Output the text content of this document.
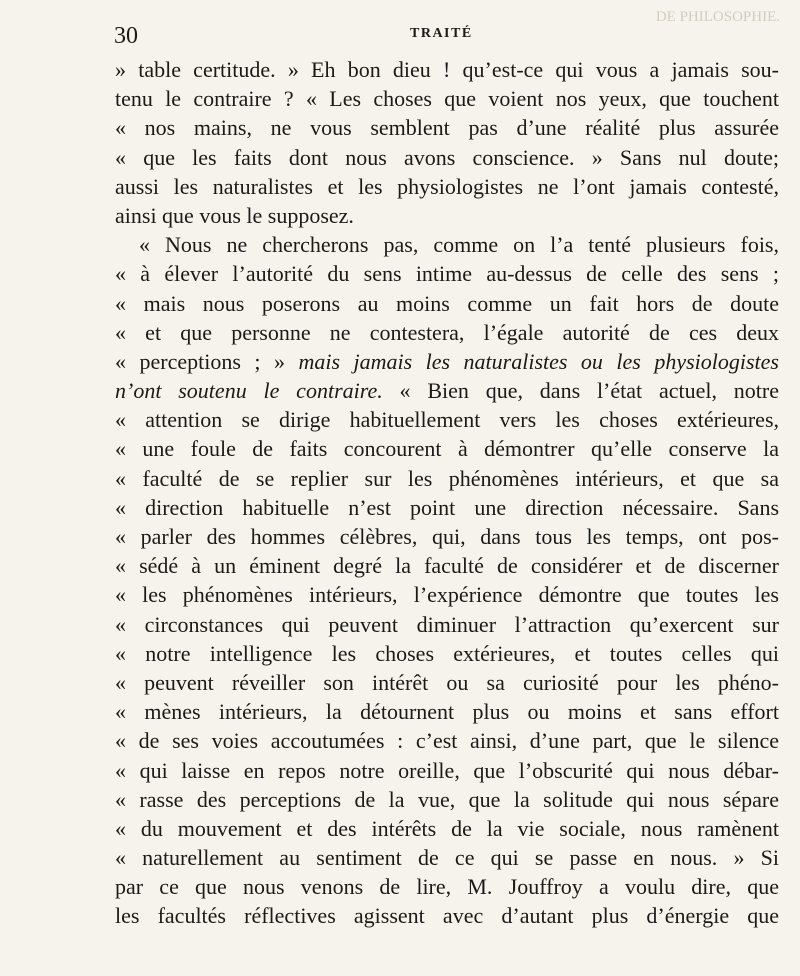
30	TRAITÉ
DE PHILOSOPHIE.
» table certitude. » Eh bon dieu ! qu’est-ce qui vous a jamais sou-
tenu le contraire ? « Les choses que voient nos yeux, que touchent
« nos mains, ne vous semblent pas d’une réalité plus assurée
« que les faits dont nous avons conscience. » Sans nul doute;
aussi les naturalistes et les physiologistes ne l’ont jamais contesté,
ainsi que vous le supposez.
« Nous ne chercherons pas, comme on l’a tenté plusieurs fois,
« à élever l’autorité du sens intime au-dessus de celle des sens ;
« mais nous poserons au moins comme un fait hors de doute
« et que personne ne contestera, l’égale autorité de ces deux
« perceptions ; » mais jamais les naturalistes ou les physiologistes
n’ont soutenu le contraire. « Bien que, dans l’état actuel, notre
« attention se dirige habituellement vers les choses extérieures,
« une foule de faits concourent à démontrer qu’elle conserve la
« faculté de se replier sur les phénomènes intérieurs, et que sa
« direction habituelle n’est point une direction nécessaire. Sans
« parler des hommes célèbres, qui, dans tous les temps, ont pos-
« sédé à un éminent degré la faculté de considérer et de discerner
« les phénomènes intérieurs, l’expérience démontre que toutes les
« circonstances qui peuvent diminuer l’attraction qu’exercent sur
« notre intelligence les choses extérieures, et toutes celles qui
« peuvent réveiller son intérêt ou sa curiosité pour les phéno-
« mènes intérieurs, la détournent plus ou moins et sans effort
« de ses voies accoutumées : c’est ainsi, d’une part, que le silence
« qui laisse en repos notre oreille, que l’obscurité qui nous débar-
« rasse des perceptions de la vue, que la solitude qui nous sépare
« du mouvement et des intérêts de la vie sociale, nous ramènent
« naturellement au sentiment de ce qui se passe en nous. » Si
par ce que nous venons de lire, M. Jouffroy a voulu dire, que
les facultés réflectives agissent avec d’autant plus d’énergie que
